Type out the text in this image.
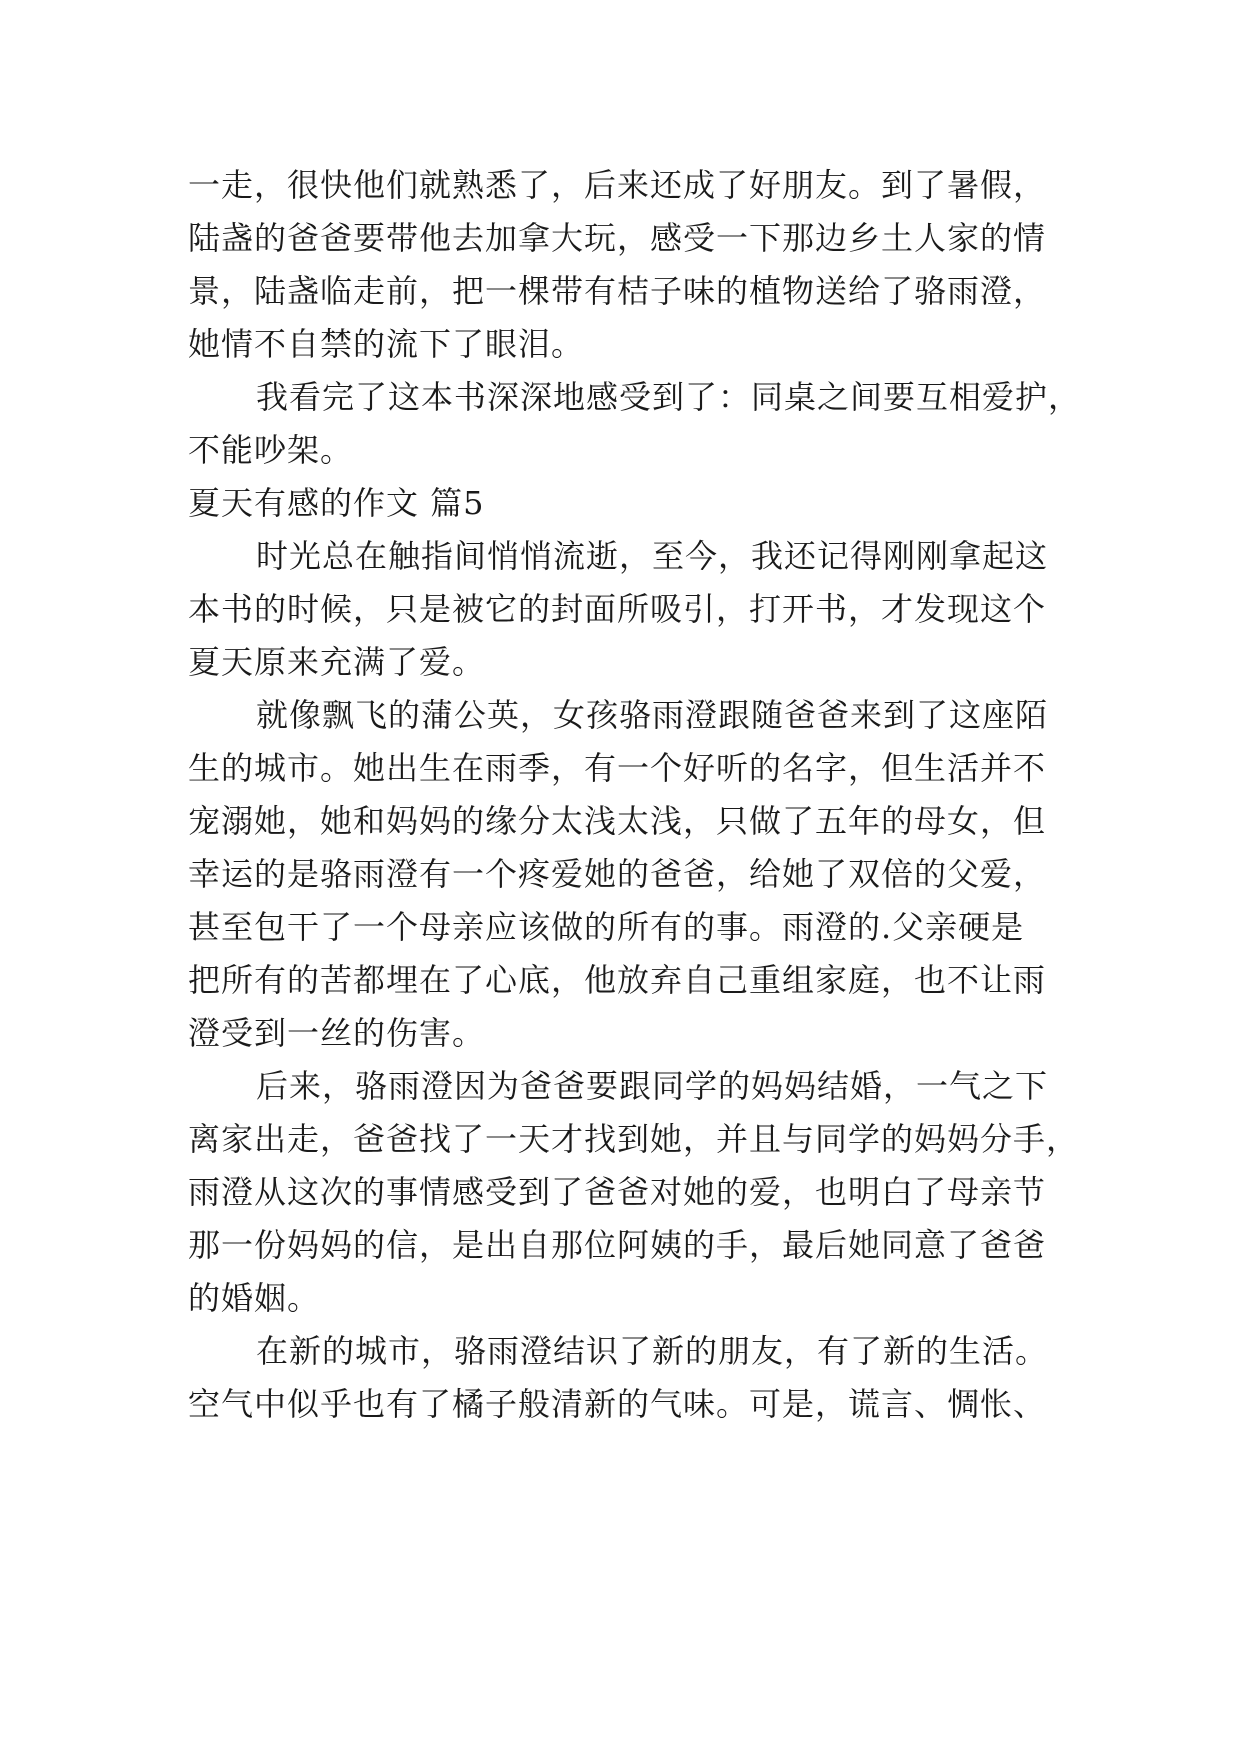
一走，很快他们就熟悉了，后来还成了好朋友。到了暑假，
陆盏的爸爸要带他去加拿大玩，感受一下那边乡土人家的情
景，陆盏临走前，把一棵带有桔子味的植物送给了骆雨澄，
她情不自禁的流下了眼泪。

我看完了这本书深深地感受到了：同桌之间要互相爱护，
不能吵架。

夏天有感的作文 篇5

时光总在触指间悄悄流逝，至今，我还记得刚刚拿起这
本书的时候，只是被它的封面所吸引，打开书，才发现这个
夏天原来充满了爱。

就像飘飞的蒲公英，女孩骆雨澄跟随爸爸来到了这座陌
生的城市。她出生在雨季，有一个好听的名字，但生活并不
宠溺她，她和妈妈的缘分太浅太浅，只做了五年的母女，但
幸运的是骆雨澄有一个疼爱她的爸爸，给她了双倍的父爱，
甚至包干了一个母亲应该做的所有的事。雨澄的.父亲硬是
把所有的苦都埋在了心底，他放弃自己重组家庭，也不让雨
澄受到一丝的伤害。

后来，骆雨澄因为爸爸要跟同学的妈妈结婚，一气之下
离家出走，爸爸找了一天才找到她，并且与同学的妈妈分手，
雨澄从这次的事情感受到了爸爸对她的爱，也明白了母亲节
那一份妈妈的信，是出自那位阿姨的手，最后她同意了爸爸
的婚姻。

在新的城市，骆雨澄结识了新的朋友，有了新的生活。
空气中似乎也有了橘子般清新的气味。可是，谎言、惆怅、
